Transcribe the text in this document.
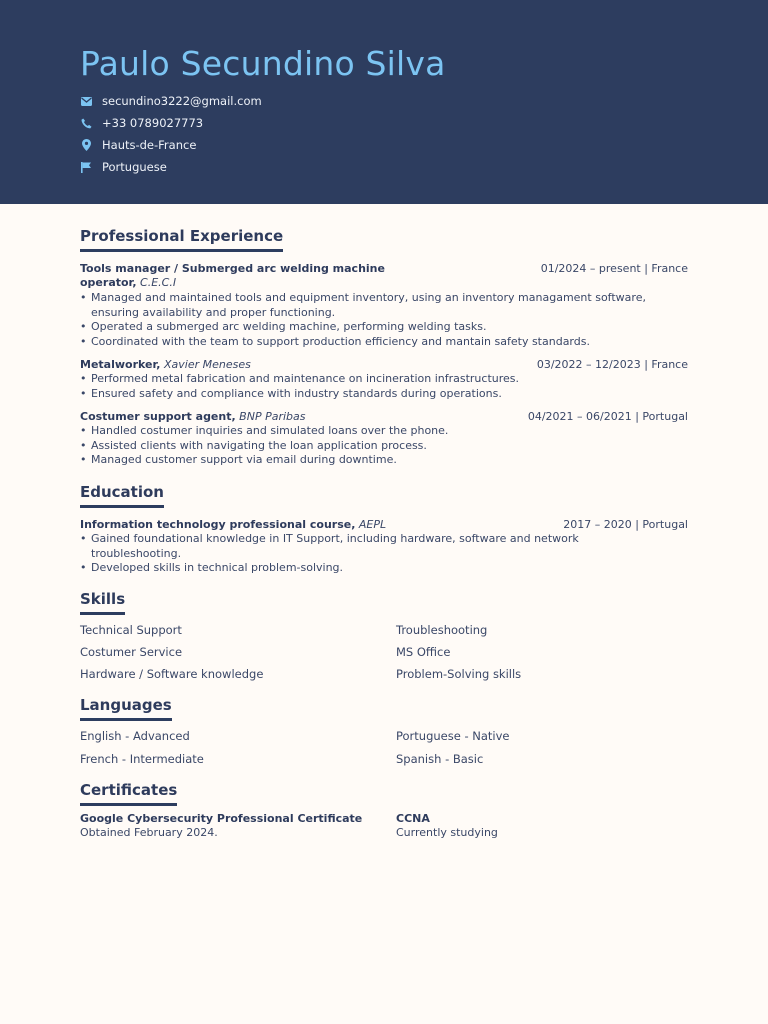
Paulo Secundino Silva
secundino3222@gmail.com
+33 0789027773
Hauts-de-France
Portuguese
Professional Experience
Tools manager / Submerged arc welding machine
operator, C.E.C.I
01/2024 – present | France
• Managed and maintained tools and equipment inventory, using an inventory managament software,
ensuring availability and proper functioning.
• Operated a submerged arc welding machine, performing welding tasks.
• Coordinated with the team to support production efficiency and mantain safety standards.
Metalworker, Xavier Meneses	03/2022 – 12/2023 | France
• Performed metal fabrication and maintenance on incineration infrastructures.
• Ensured safety and compliance with industry standards during operations.
Costumer support agent, BNP Paribas	04/2021 – 06/2021 | Portugal
• Handled costumer inquiries and simulated loans over the phone.
• Assisted clients with navigating the loan application process.
• Managed customer support via email during downtime.
Education
Information technology professional course, AEPL	2017 – 2020 | Portugal
• Gained foundational knowledge in IT Support, including hardware, software and network
troubleshooting.
• Developed skills in technical problem-solving.
Skills
Technical Support	Troubleshooting
Costumer Service	MS Office
Hardware / Software knowledge	Problem-Solving skills
Languages
English - Advanced	Portuguese - Native
French - Intermediate	Spanish - Basic
Certificates
Google Cybersecurity Professional Certificate
Obtained February 2024.
CCNA
Currently studying
